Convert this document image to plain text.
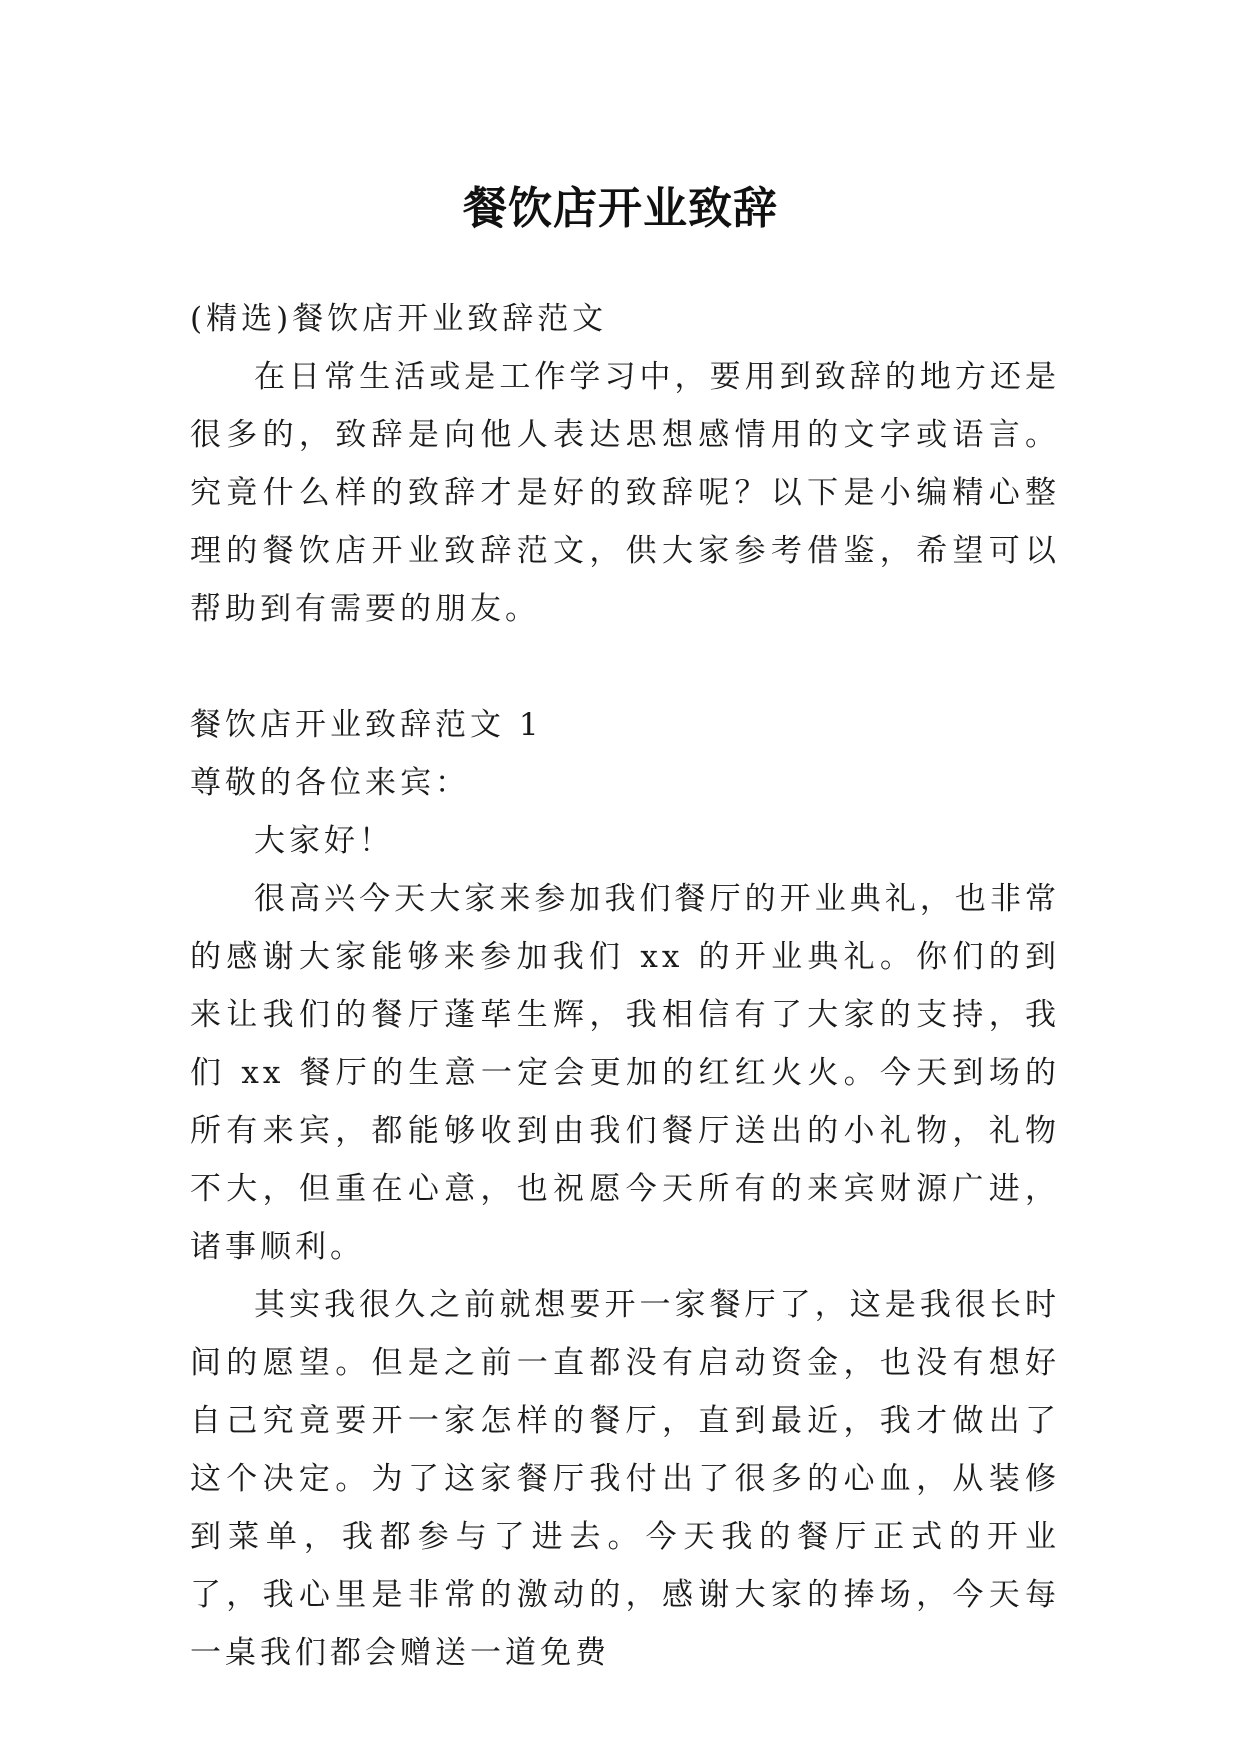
餐饮店开业致辞

(精选)餐饮店开业致辞范文

在日常生活或是工作学习中，要用到致辞的地方还是很多的，致辞是向他人表达思想感情用的文字或语言。究竟什么样的致辞才是好的致辞呢？以下是小编精心整理的餐饮店开业致辞范文，供大家参考借鉴，希望可以帮助到有需要的朋友。

餐饮店开业致辞范文 1

尊敬的各位来宾：

大家好！

很高兴今天大家来参加我们餐厅的开业典礼，也非常的感谢大家能够来参加我们 xx 的开业典礼。你们的到来让我们的餐厅蓬荜生辉，我相信有了大家的支持，我们 xx 餐厅的生意一定会更加的红红火火。今天到场的所有来宾，都能够收到由我们餐厅送出的小礼物，礼物不大，但重在心意，也祝愿今天所有的来宾财源广进，诸事顺利。

其实我很久之前就想要开一家餐厅了，这是我很长时间的愿望。但是之前一直都没有启动资金，也没有想好自己究竟要开一家怎样的餐厅，直到最近，我才做出了这个决定。为了这家餐厅我付出了很多的心血，从装修到菜单，我都参与了进去。今天我的餐厅正式的开业了，我心里是非常的激动的，感谢大家的捧场，今天每一桌我们都会赠送一道免费
